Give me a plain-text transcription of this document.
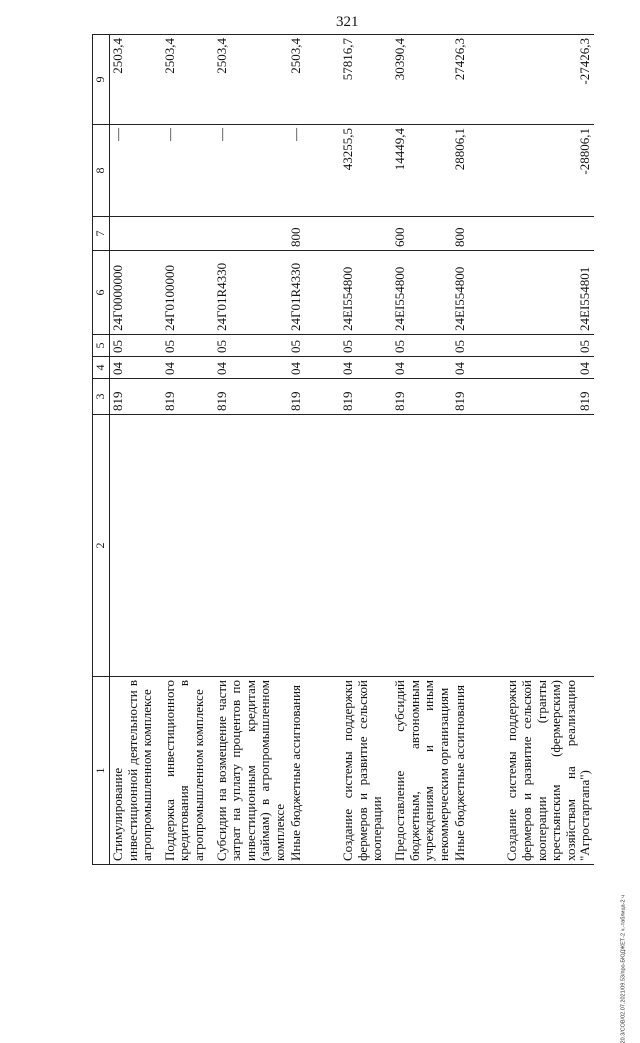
321
1	2	3	4	5	6	7	8	9
Стимулирование инвестиционной деятельности в агропромышленном комплексе		819	04	05	24Г0000000		—	2503,4
Поддержка инвестиционного кредитования в агропромышленном комплексе		819	04	05	24Г0100000		—	2503,4
Субсидии на возмещение части затрат на уплату процентов по инвестиционным кредитам (займам) в агропромышленном комплексе		819	04	05	24Г01R4330		—	2503,4
Иные бюджетные ассигнования		819	04	05	24Г01R4330	800	—	2503,4
Создание системы поддержки фермеров и развитие сельской кооперации		819	04	05	24ЕI554800		43255,5	57816,7
Предоставление субсидий бюджетным, автономным учреждениям и иным некоммерческим организациям		819	04	05	24ЕI554800	600	14449,4	30390,4
Иные бюджетные ассигнования		819	04	05	24ЕI554800	800	28806,1	27426,3
Создание системы поддержки фермеров и развитие сельской кооперации (гранты крестьянским (фермерским) хозяйствам на реализацию "Агростартапа")		819	04	05	24ЕI554801		-28806,1	-27426,3
20.3/СОВ/02.07.2021/09.53/про-БЮДЖЕТ-2 ч.-таблица-2 ч
